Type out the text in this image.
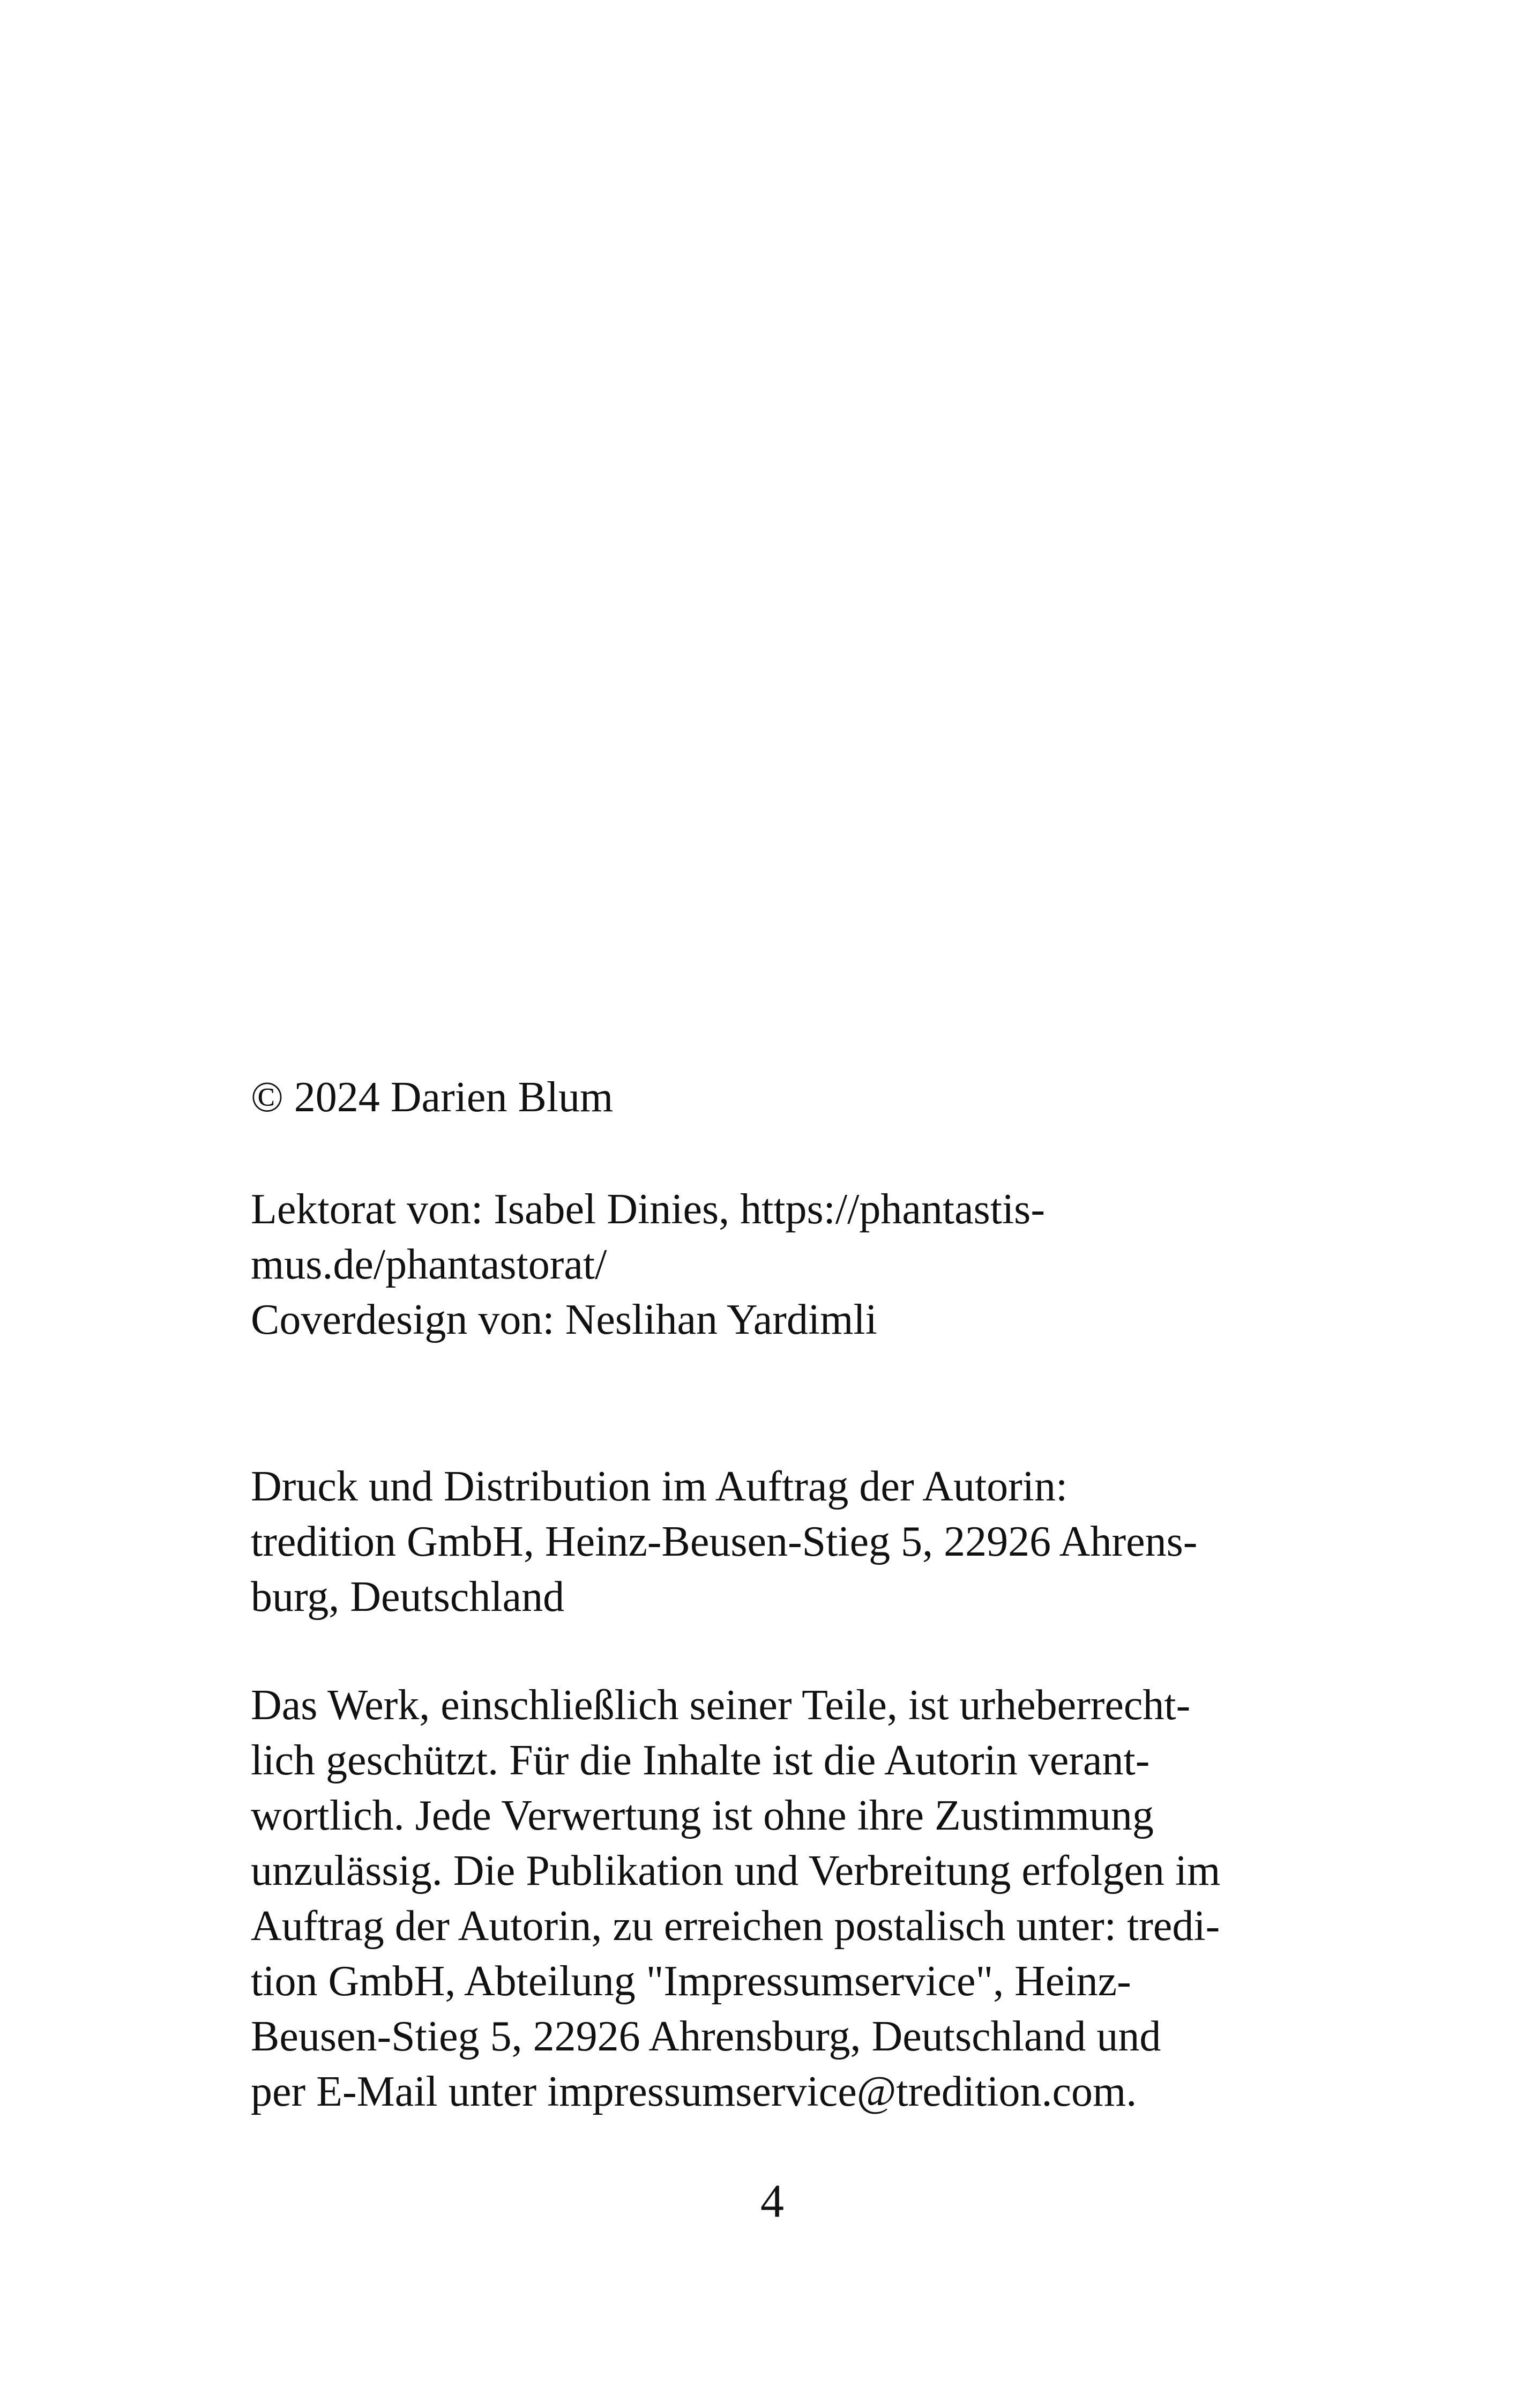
© 2024 Darien Blum

Lektorat von: Isabel Dinies, https://phantastis-
mus.de/phantastorat/
Coverdesign von: Neslihan Yardimli

Druck und Distribution im Auftrag der Autorin:
tredition GmbH, Heinz-Beusen-Stieg 5, 22926 Ahrens-
burg, Deutschland

Das Werk, einschließlich seiner Teile, ist urheberrecht-
lich geschützt. Für die Inhalte ist die Autorin verant-
wortlich. Jede Verwertung ist ohne ihre Zustimmung
unzulässig. Die Publikation und Verbreitung erfolgen im
Auftrag der Autorin, zu erreichen postalisch unter: tredi-
tion GmbH, Abteilung "Impressumservice", Heinz-
Beusen-Stieg 5, 22926 Ahrensburg, Deutschland und
per E-Mail unter impressumservice@tredition.com.

4
